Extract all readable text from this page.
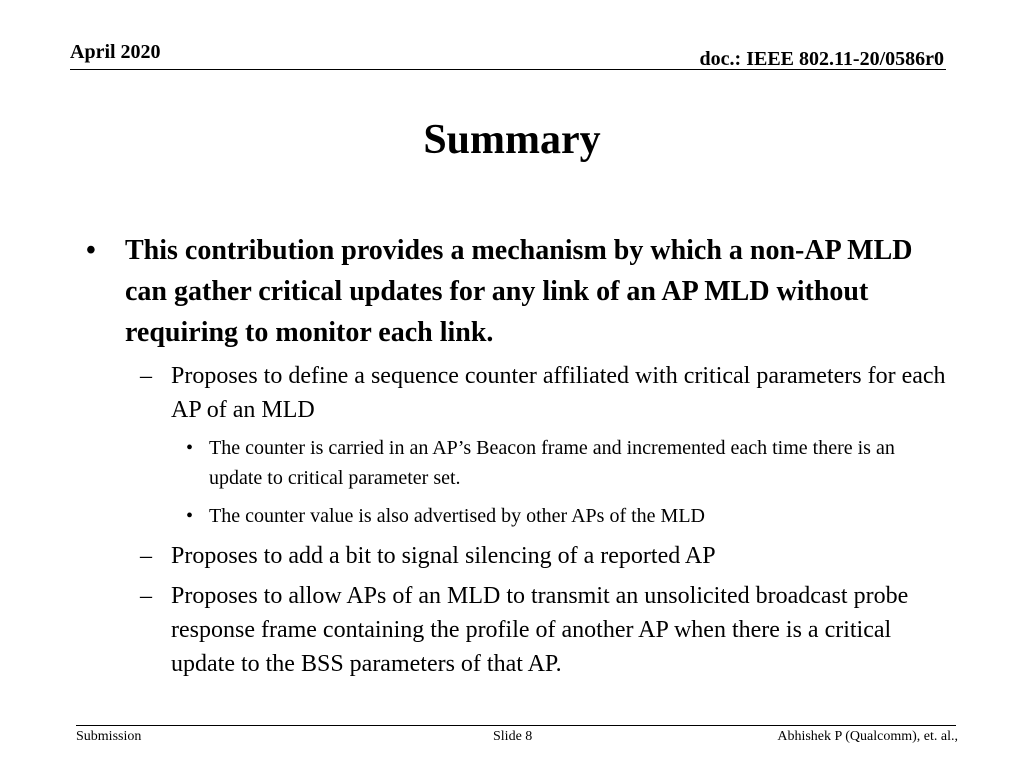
April 2020	doc.: IEEE 802.11-20/0586r0
Summary
• This contribution provides a mechanism by which a non-AP MLD can gather critical updates for any link of an AP MLD without requiring to monitor each link.
– Proposes to define a sequence counter affiliated with critical parameters for each AP of an MLD
• The counter is carried in an AP’s Beacon frame and incremented each time there is an update to critical parameter set.
• The counter value is also advertised by other APs of the MLD
– Proposes to add a bit to signal silencing of a reported AP
– Proposes to allow APs of an MLD to transmit an unsolicited broadcast probe response frame containing the profile of another AP when there is a critical update to the BSS parameters of that AP.
Submission	Slide 8	Abhishek P (Qualcomm), et. al.,
